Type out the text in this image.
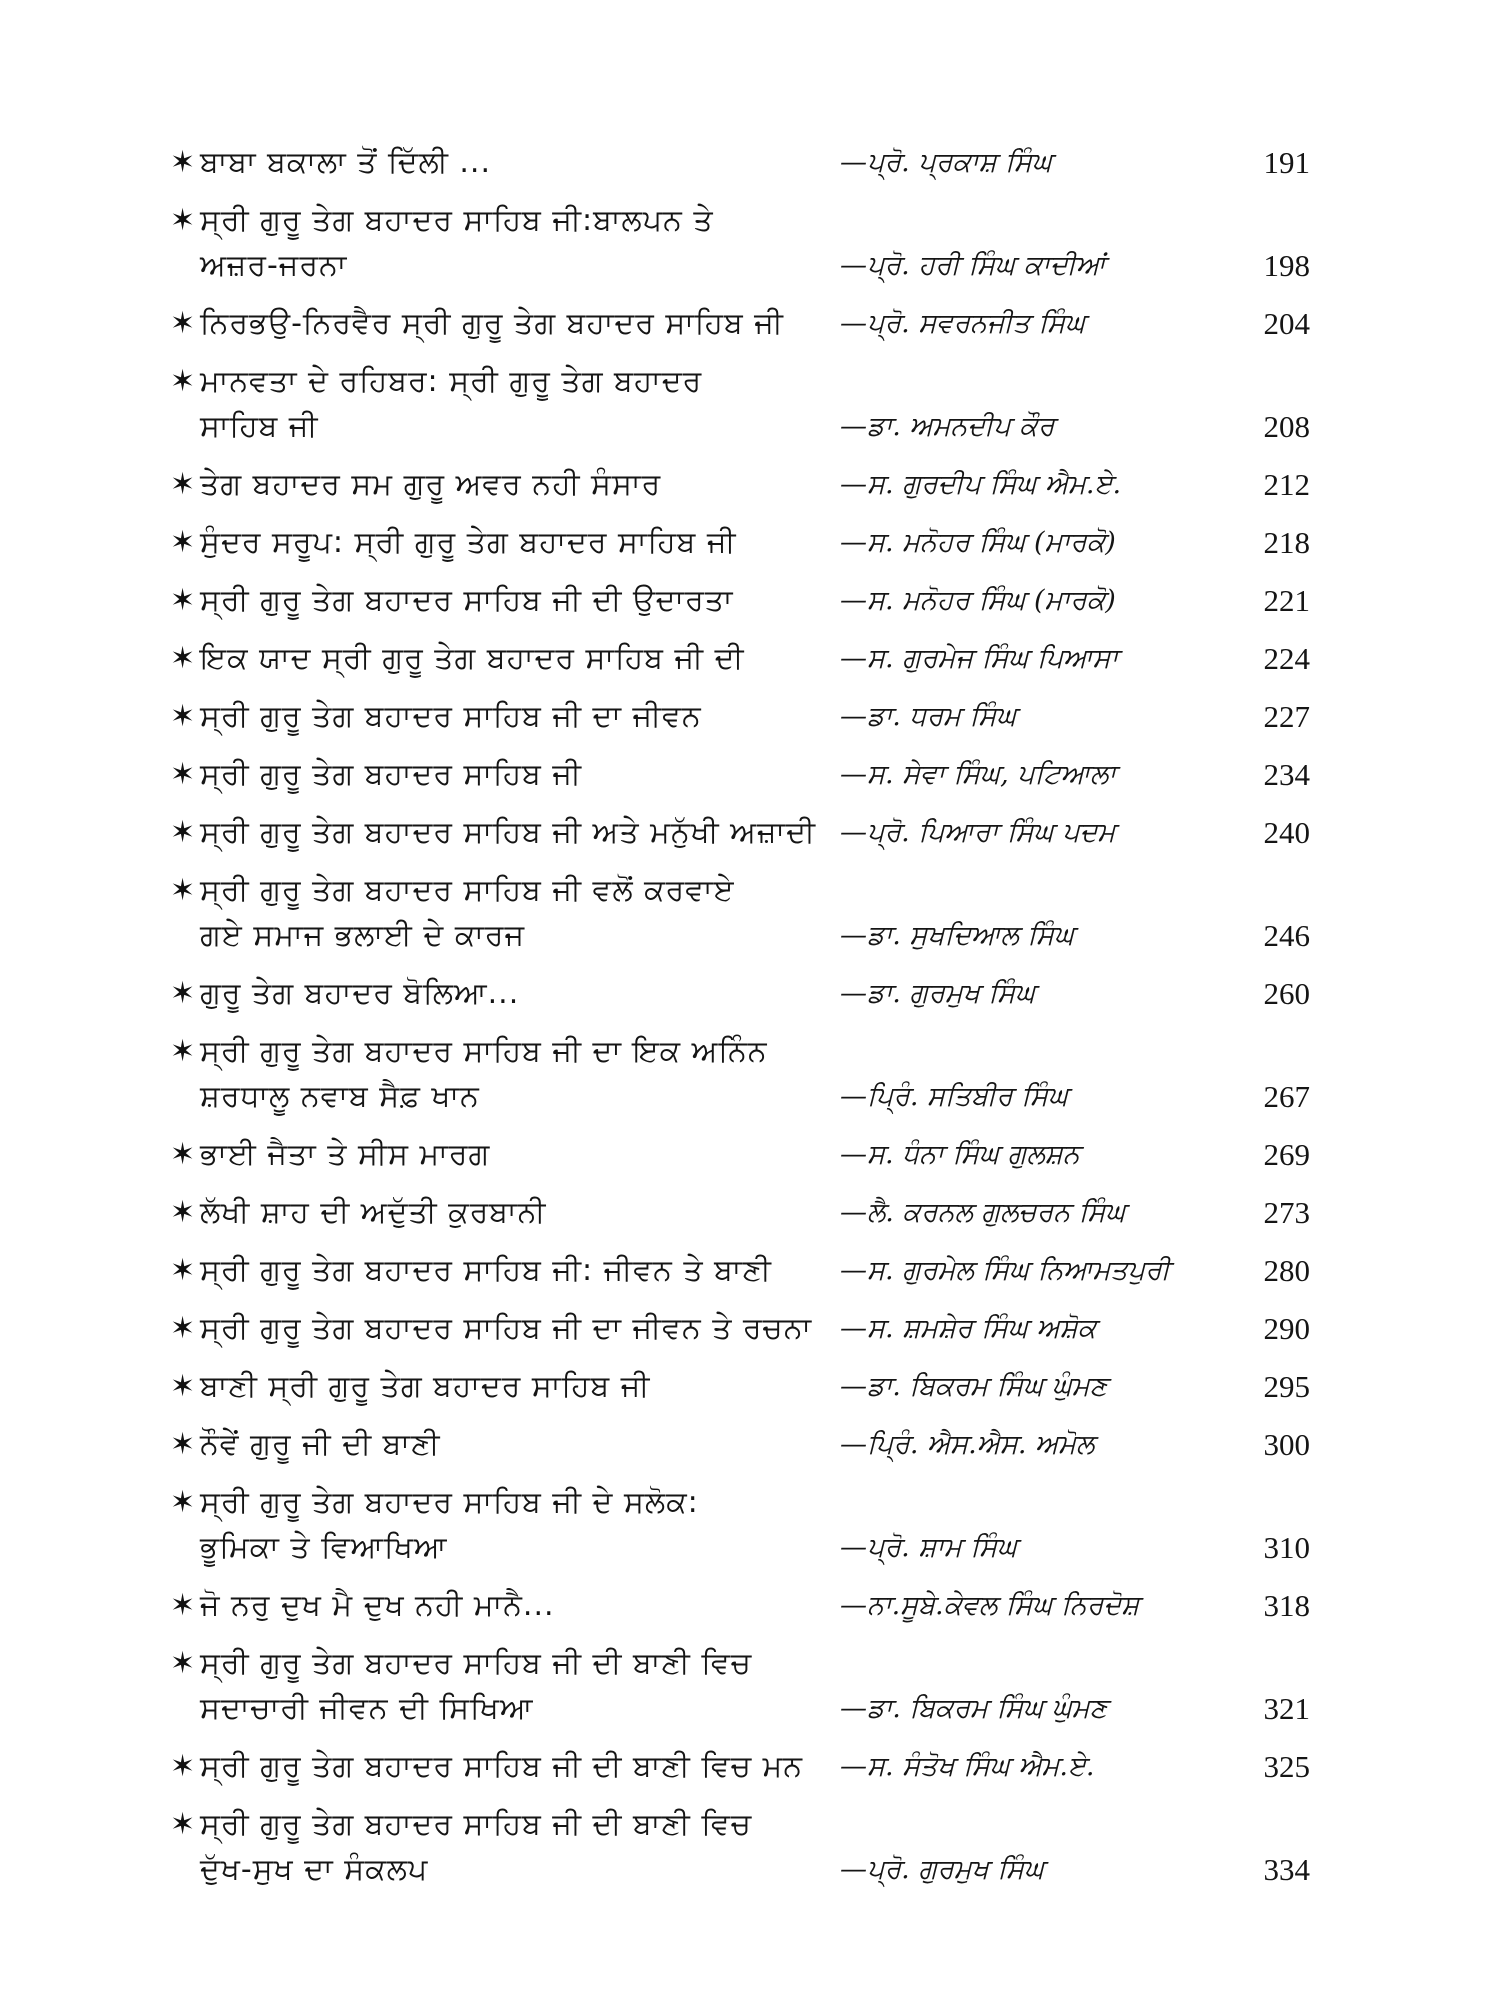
✶ ਬਾਬਾ ਬਕਾਲਾ ਤੋਂ ਦਿੱਲੀ ...	—ਪ੍ਰੋ. ਪ੍ਰਕਾਸ਼ ਸਿੰਘ	191
✶ ਸ੍ਰੀ ਗੁਰੂ ਤੇਗ ਬਹਾਦਰ ਸਾਹਿਬ ਜੀ:ਬਾਲਪਨ ਤੇ
ਅਜ਼ਰ-ਜਰਨਾ	—ਪ੍ਰੋ. ਹਰੀ ਸਿੰਘ ਕਾਦੀਆਂ	198
✶ ਨਿਰਭਉ-ਨਿਰਵੈਰ ਸ੍ਰੀ ਗੁਰੂ ਤੇਗ ਬਹਾਦਰ ਸਾਹਿਬ ਜੀ	—ਪ੍ਰੋ. ਸਵਰਨਜੀਤ ਸਿੰਘ	204
✶ ਮਾਨਵਤਾ ਦੇ ਰਹਿਬਰ: ਸ੍ਰੀ ਗੁਰੂ ਤੇਗ ਬਹਾਦਰ
ਸਾਹਿਬ ਜੀ	—ਡਾ. ਅਮਨਦੀਪ ਕੌਰ	208
✶ ਤੇਗ ਬਹਾਦਰ ਸਮ ਗੁਰੂ ਅਵਰ ਨਹੀ ਸੰਸਾਰ	—ਸ. ਗੁਰਦੀਪ ਸਿੰਘ ਐਮ.ਏ.	212
✶ ਸੁੰਦਰ ਸਰੂਪ: ਸ੍ਰੀ ਗੁਰੂ ਤੇਗ ਬਹਾਦਰ ਸਾਹਿਬ ਜੀ	—ਸ. ਮਨੋਹਰ ਸਿੰਘ (ਮਾਰਕੋ)	218
✶ ਸ੍ਰੀ ਗੁਰੂ ਤੇਗ ਬਹਾਦਰ ਸਾਹਿਬ ਜੀ ਦੀ ਉਦਾਰਤਾ	—ਸ. ਮਨੋਹਰ ਸਿੰਘ (ਮਾਰਕੋ)	221
✶ ਇਕ ਯਾਦ ਸ੍ਰੀ ਗੁਰੂ ਤੇਗ ਬਹਾਦਰ ਸਾਹਿਬ ਜੀ ਦੀ	—ਸ. ਗੁਰਮੇਜ ਸਿੰਘ ਪਿਆਸਾ	224
✶ ਸ੍ਰੀ ਗੁਰੂ ਤੇਗ ਬਹਾਦਰ ਸਾਹਿਬ ਜੀ ਦਾ ਜੀਵਨ	—ਡਾ. ਧਰਮ ਸਿੰਘ	227
✶ ਸ੍ਰੀ ਗੁਰੂ ਤੇਗ ਬਹਾਦਰ ਸਾਹਿਬ ਜੀ	—ਸ. ਸੇਵਾ ਸਿੰਘ, ਪਟਿਆਲਾ	234
✶ ਸ੍ਰੀ ਗੁਰੂ ਤੇਗ ਬਹਾਦਰ ਸਾਹਿਬ ਜੀ ਅਤੇ ਮਨੁੱਖੀ ਅਜ਼ਾਦੀ —ਪ੍ਰੋ. ਪਿਆਰਾ ਸਿੰਘ ਪਦਮ	240
✶ ਸ੍ਰੀ ਗੁਰੂ ਤੇਗ ਬਹਾਦਰ ਸਾਹਿਬ ਜੀ ਵਲੋਂ ਕਰਵਾਏ
ਗਏ ਸਮਾਜ ਭਲਾਈ ਦੇ ਕਾਰਜ	—ਡਾ. ਸੁਖਦਿਆਲ ਸਿੰਘ	246
✶ ਗੁਰੂ ਤੇਗ ਬਹਾਦਰ ਬੋਲਿਆ...	—ਡਾ. ਗੁਰਮੁਖ ਸਿੰਘ	260
✶ ਸ੍ਰੀ ਗੁਰੂ ਤੇਗ ਬਹਾਦਰ ਸਾਹਿਬ ਜੀ ਦਾ ਇਕ ਅਨਿੰਨ
ਸ਼ਰਧਾਲੂ ਨਵਾਬ ਸੈਫ਼ ਖਾਨ	—ਪ੍ਰਿੰ. ਸਤਿਬੀਰ ਸਿੰਘ	267
✶ ਭਾਈ ਜੈਤਾ ਤੇ ਸੀਸ ਮਾਰਗ	—ਸ. ਧੰਨਾ ਸਿੰਘ ਗੁਲਸ਼ਨ	269
✶ ਲੱਖੀ ਸ਼ਾਹ ਦੀ ਅਦੁੱਤੀ ਕੁਰਬਾਨੀ	—ਲੈ. ਕਰਨਲ ਗੁਲਚਰਨ ਸਿੰਘ	273
✶ ਸ੍ਰੀ ਗੁਰੂ ਤੇਗ ਬਹਾਦਰ ਸਾਹਿਬ ਜੀ: ਜੀਵਨ ਤੇ ਬਾਣੀ	—ਸ. ਗੁਰਮੇਲ ਸਿੰਘ ਨਿਆਮਤਪੁਰੀ	280
✶ ਸ੍ਰੀ ਗੁਰੂ ਤੇਗ ਬਹਾਦਰ ਸਾਹਿਬ ਜੀ ਦਾ ਜੀਵਨ ਤੇ ਰਚਨਾ	—ਸ. ਸ਼ਮਸ਼ੇਰ ਸਿੰਘ ਅਸ਼ੋਕ	290
✶ ਬਾਣੀ ਸ੍ਰੀ ਗੁਰੂ ਤੇਗ ਬਹਾਦਰ ਸਾਹਿਬ ਜੀ	—ਡਾ. ਬਿਕਰਮ ਸਿੰਘ ਘੁੰਮਣ	295
✶ ਨੌਵੇਂ ਗੁਰੂ ਜੀ ਦੀ ਬਾਣੀ	—ਪ੍ਰਿੰ. ਐਸ.ਐਸ. ਅਮੋਲ	300
✶ ਸ੍ਰੀ ਗੁਰੂ ਤੇਗ ਬਹਾਦਰ ਸਾਹਿਬ ਜੀ ਦੇ ਸਲੋਕ:
ਭੂਮਿਕਾ ਤੇ ਵਿਆਖਿਆ	—ਪ੍ਰੋ. ਸ਼ਾਮ ਸਿੰਘ	310
✶ ਜੋ ਨਰੁ ਦੁਖ ਮੈ ਦੁਖ ਨਹੀ ਮਾਨੈ...	—ਨਾ.ਸੂਬੇ.ਕੇਵਲ ਸਿੰਘ ਨਿਰਦੋਸ਼	318
✶ ਸ੍ਰੀ ਗੁਰੂ ਤੇਗ ਬਹਾਦਰ ਸਾਹਿਬ ਜੀ ਦੀ ਬਾਣੀ ਵਿਚ
ਸਦਾਚਾਰੀ ਜੀਵਨ ਦੀ ਸਿਖਿਆ	—ਡਾ. ਬਿਕਰਮ ਸਿੰਘ ਘੁੰਮਣ	321
✶ ਸ੍ਰੀ ਗੁਰੂ ਤੇਗ ਬਹਾਦਰ ਸਾਹਿਬ ਜੀ ਦੀ ਬਾਣੀ ਵਿਚ ਮਨ	—ਸ. ਸੰਤੋਖ ਸਿੰਘ ਐਮ.ਏ.	325
✶ ਸ੍ਰੀ ਗੁਰੂ ਤੇਗ ਬਹਾਦਰ ਸਾਹਿਬ ਜੀ ਦੀ ਬਾਣੀ ਵਿਚ
ਦੁੱਖ-ਸੁਖ ਦਾ ਸੰਕਲਪ	—ਪ੍ਰੋ. ਗੁਰਮੁਖ ਸਿੰਘ	334
